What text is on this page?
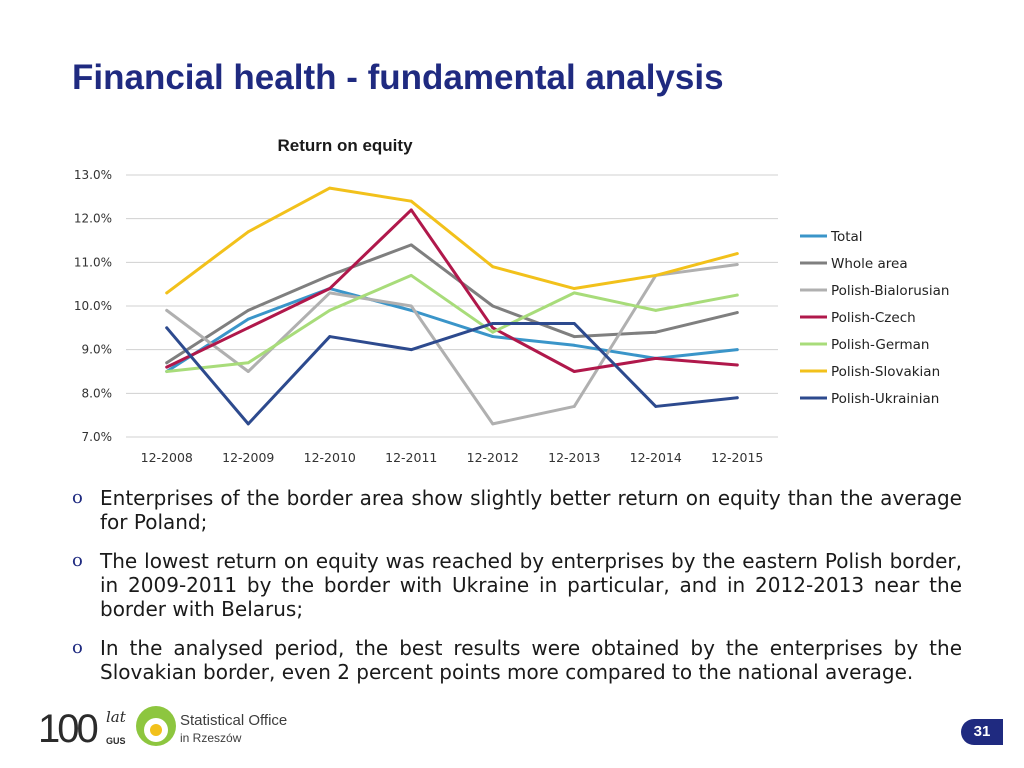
Financial health - fundamental analysis
Return on equity
13.0%
12.0%
11.0%
10.0%
9.0%
8.0%
7.0%
12-2008 12-2009 12-2010 12-2011 12-2012 12-2013 12-2014 12-2015
Total
Whole area
Polish-Bialorusian
Polish-Czech
Polish-German
Polish-Slovakian
Polish-Ukrainian
o Enterprises of the border area show slightly better return on equity than the average for Poland;
o The lowest return on equity was reached by enterprises by the eastern Polish border, in 2009-2011 by the border with Ukraine in particular, and in 2012-2013 near the border with Belarus;
o In the analysed period, the best results were obtained by the enterprises by the Slovakian border, even 2 percent points more compared to the national average.
100 lat
GUS
Statistical Office
in Rzeszów	31
